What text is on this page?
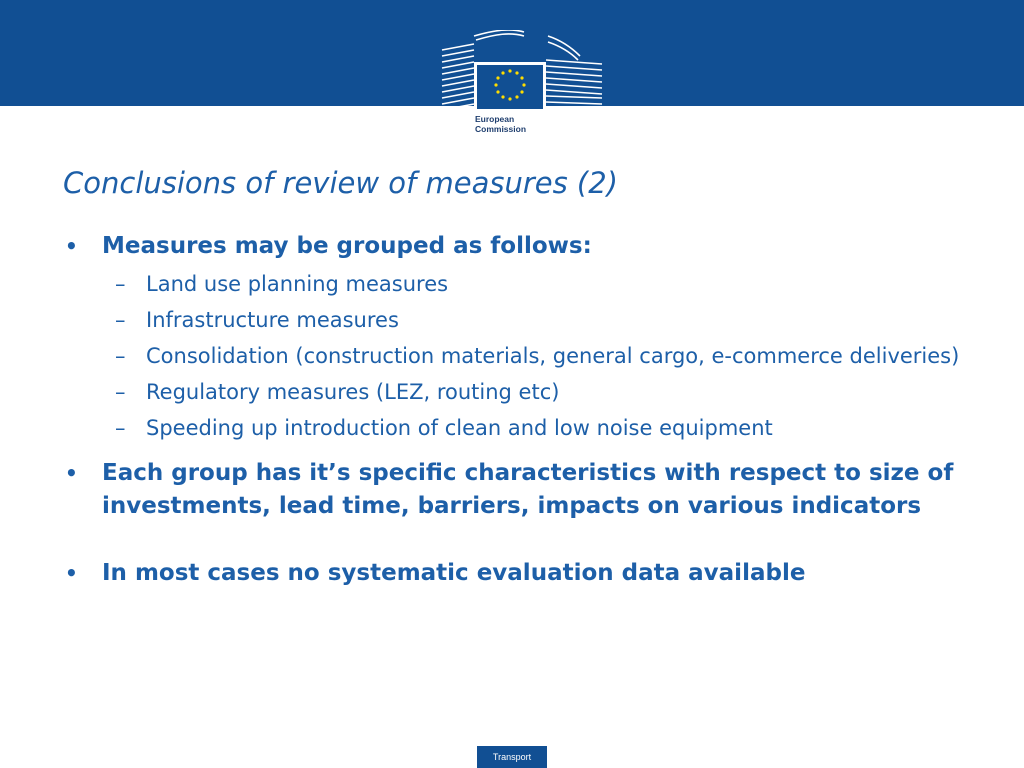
European Commission
Conclusions of review of measures (2)
• Measures may be grouped as follows:
– Land use planning measures
– Infrastructure measures
– Consolidation (construction materials, general cargo, e-commerce deliveries)
– Regulatory measures (LEZ, routing etc)
– Speeding up introduction of clean and low noise equipment
• Each group has it’s specific characteristics with respect to size of investments, lead time, barriers, impacts on various indicators
• In most cases no systematic evaluation data available
Transport
